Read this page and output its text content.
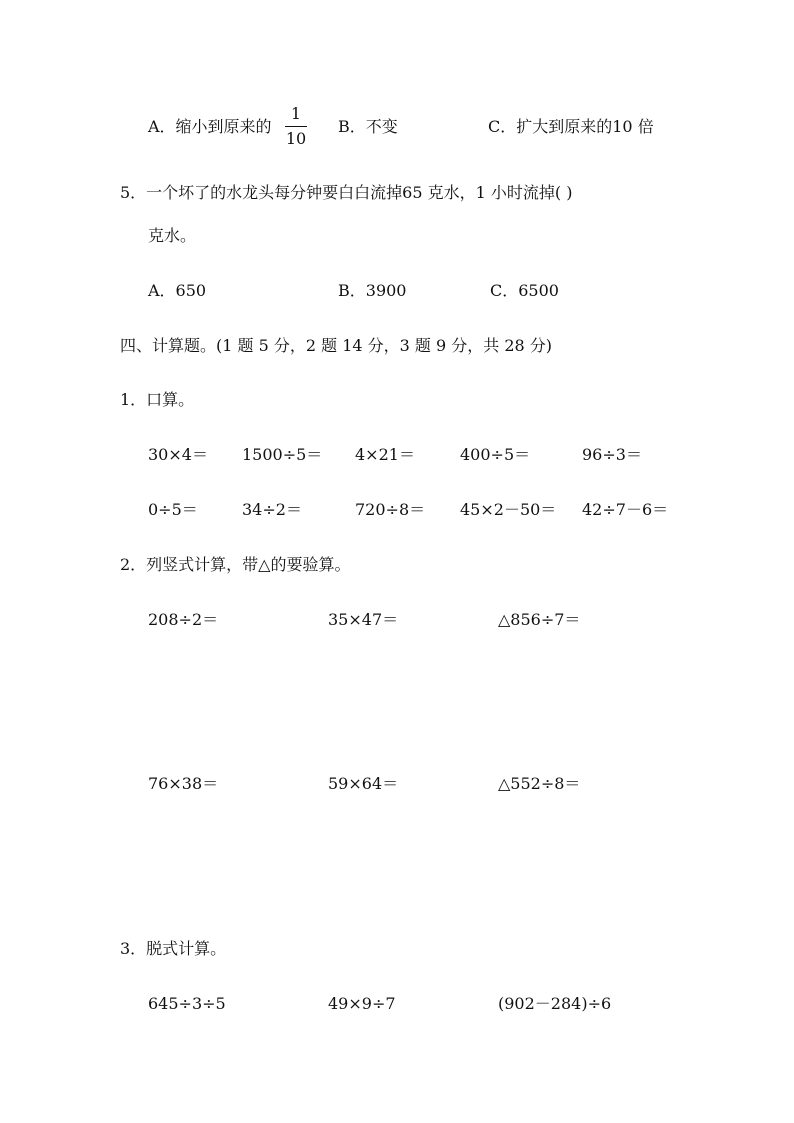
A．缩小到原来的
1
10
B．不变	C．扩大到原来的10 倍
5．一个坏了的水龙头每分钟要白白流掉65 克水，1 小时流掉( )
克水。
A．650	B．3900	C．6500
四、计算题。(1 题 5 分，2 题 14 分，3 题 9 分，共 28 分)
1．口算。
30×4＝ 1500÷5＝ 4×21＝	400÷5＝	96÷3＝
0÷5＝	34÷2＝	720÷8＝ 45×2－50＝ 42÷7－6＝
2．列竖式计算，带△的要验算。
208÷2＝	35×47＝	△856÷7＝
76×38＝	59×64＝	△552÷8＝
3．脱式计算。
645÷3÷5	49×9÷7	(902－284)÷6
